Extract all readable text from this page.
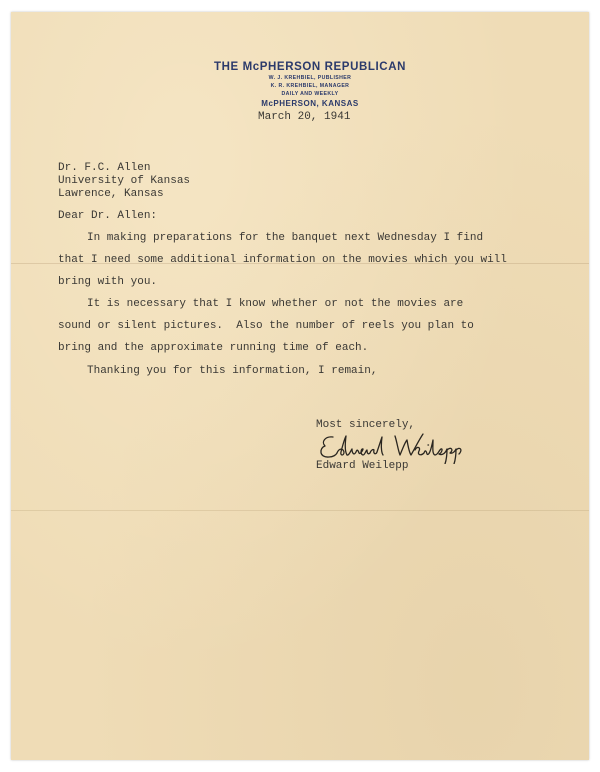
THE McPHERSON REPUBLICAN
W. J. KREHBIEL, PUBLISHER
K. R. KREHBIEL, MANAGER
DAILY AND WEEKLY
McPHERSON, KANSAS
March 20, 1941
Dr. F.C. Allen
University of Kansas
Lawrence, Kansas
Dear Dr. Allen:
In making preparations for the banquet next Wednesday I find
that I need some additional information on the movies which you will
bring with you.
It is necessary that I know whether or not the movies are
sound or silent pictures.  Also the number of reels you plan to
bring and the approximate running time of each.
Thanking you for this information, I remain,
Most sincerely,
Edward Weilepp
